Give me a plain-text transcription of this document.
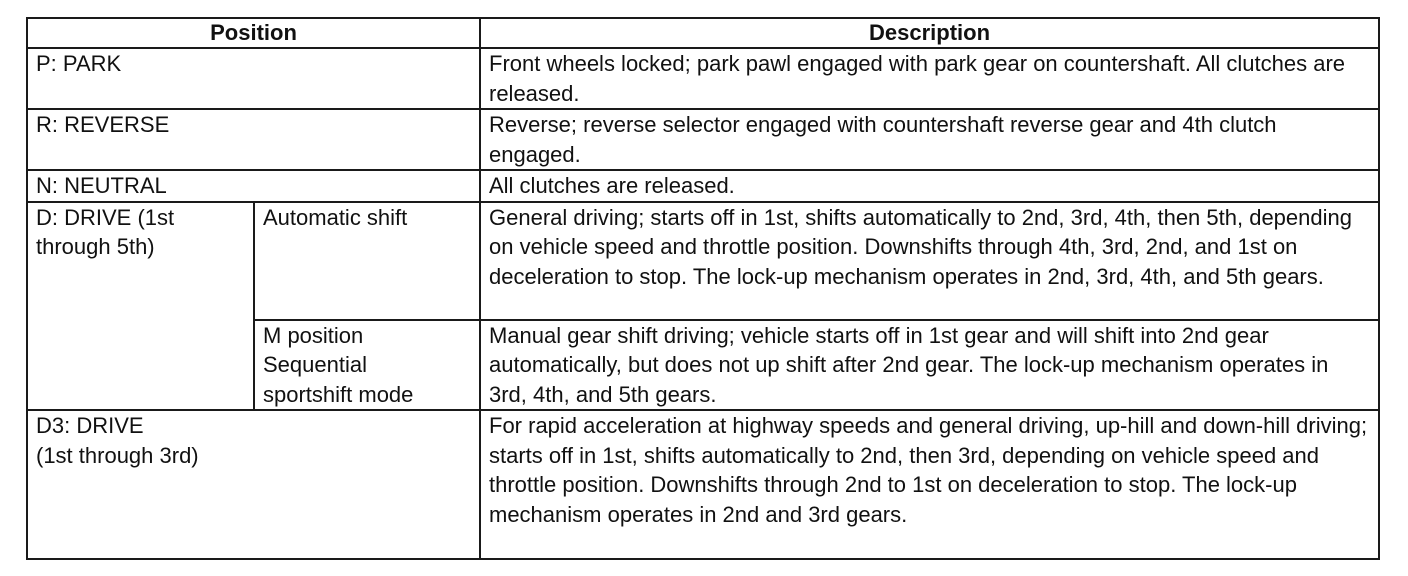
Position		Description
P: PARK		Front wheels locked; park pawl engaged with park gear on countershaft. All clutches are released.
R: REVERSE		Reverse; reverse selector engaged with countershaft reverse gear and 4th clutch engaged.
N: NEUTRAL		All clutches are released.
D: DRIVE (1st
through 5th)	Automatic shift	General driving; starts off in 1st, shifts automatically to 2nd, 3rd, 4th, then 5th, depending on vehicle speed and throttle position. Downshifts through 4th, 3rd, 2nd, and 1st on deceleration to stop. The lock-up mechanism operates in 2nd, 3rd, 4th, and 5th gears.
	M position
Sequential
sportshift mode	Manual gear shift driving; vehicle starts off in 1st gear and will shift into 2nd gear automatically, but does not up shift after 2nd gear. The lock-up mechanism operates in 3rd, 4th, and 5th gears.
D3: DRIVE
(1st through 3rd)		For rapid acceleration at highway speeds and general driving, up-hill and down-hill driving; starts off in 1st, shifts automatically to 2nd, then 3rd, depending on vehicle speed and throttle position. Downshifts through 2nd to 1st on deceleration to stop. The lock-up mechanism operates in 2nd and 3rd gears.
